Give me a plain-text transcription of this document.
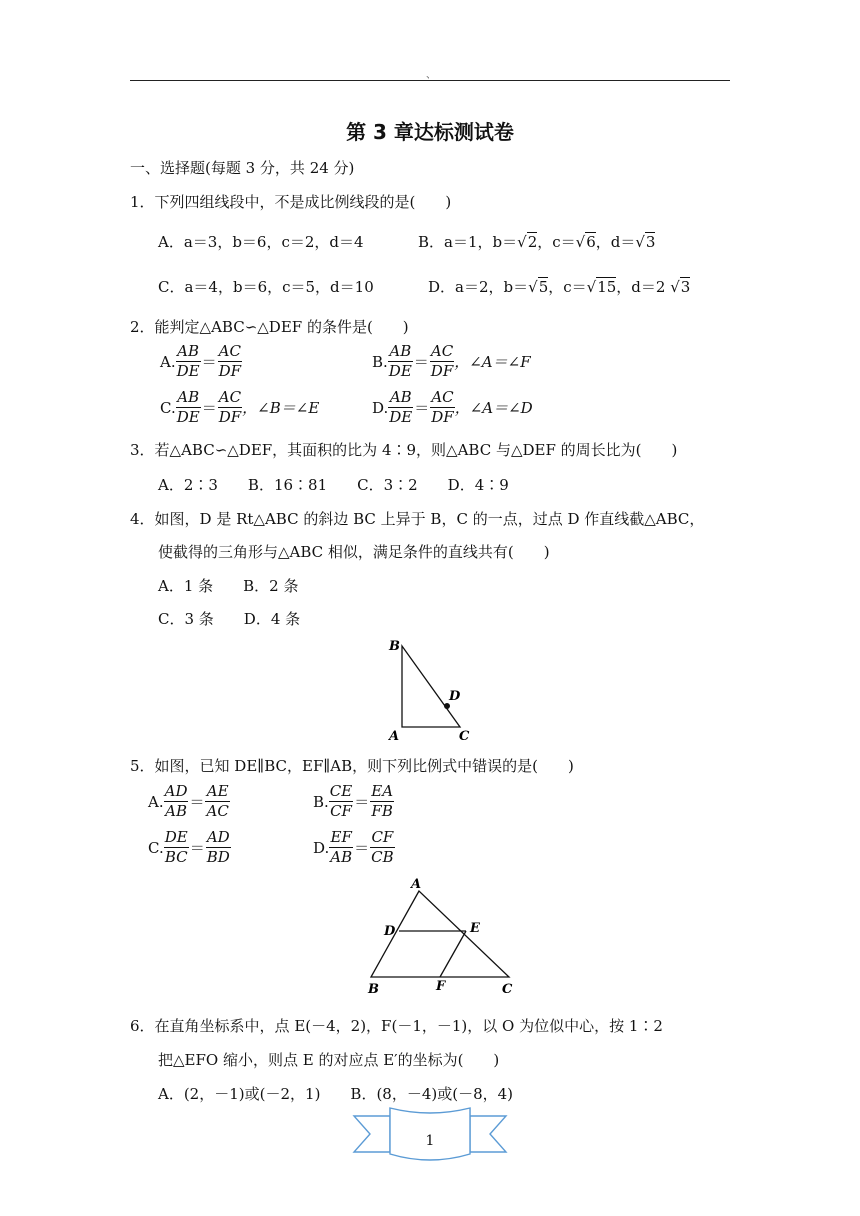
、
第 3 章达标测试卷
一、选择题(每题 3 分，共 24 分)
1．下列四组线段中，不是成比例线段的是(　　)
A．a＝3，b＝6，c＝2，d＝4	B．a＝1，b＝√2，c＝√6，d＝√3
C．a＝4，b＝6，c＝5，d＝10	D．a＝2，b＝√5，c＝√15，d＝2 √3
2．能判定△ABC∽△DEF 的条件是(　　)
A. $\frac{AB}{DE} = \frac{AC}{DF}$	B. $\frac{AB}{DE} = \frac{AC}{DF}$ ，∠A＝∠F
C. $\frac{AB}{DE} = \frac{AC}{DF}$ ，∠B＝∠E	D. $\frac{AB}{DE} = \frac{AC}{DF}$ ，∠A＝∠D
3．若△ABC∽△DEF，其面积的比为 4∶9，则△ABC 与△DEF 的周长比为(　　)
A．2∶3　　B．16∶81　　C．3∶2　　D．4∶9
4．如图，D 是 Rt△ABC 的斜边 BC 上异于 B，C 的一点，过点 D 作直线截△ABC，
使截得的三角形与△ABC 相似，满足条件的直线共有(　　)
A．1 条　　B．2 条
C．3 条　　D．4 条
B
D
A	C
5．如图，已知 DE∥BC，EF∥AB，则下列比例式中错误的是(　　)
A. $\frac{AD}{AB} = \frac{AE}{AC}$	B. $\frac{CE}{CF} = \frac{EA}{FB}$
C. $\frac{DE}{BC} = \frac{AD}{BD}$	D. $\frac{EF}{AB} = \frac{CF}{CB}$
A
D	E
B	F	C
6．在直角坐标系中，点 E(－4，2)，F(－1，－1)，以 O 为位似中心，按 1∶2
把△EFO 缩小，则点 E 的对应点 E′的坐标为(　　)
A．(2，－1)或(－2，1)　　B．(8，－4)或(－8，4)
1
